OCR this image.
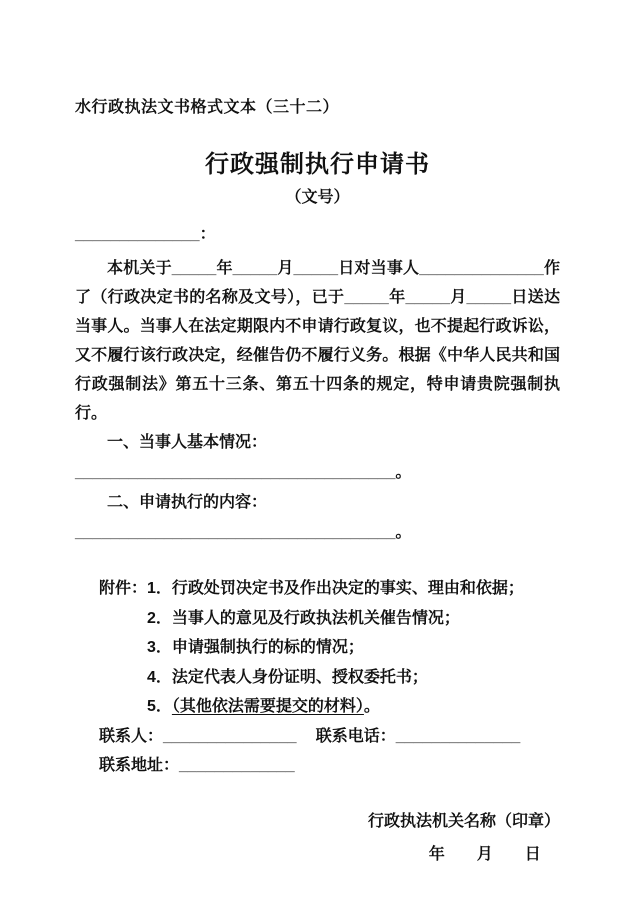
水行政执法文书格式文本（三十二）
行政强制执行申请书
（文号）
______________：

本机关于_____年_____月_____日对当事人______________作了（行政决定书的名称及文号），已于_____年_____月_____日送达当事人。当事人在法定期限内不申请行政复议，也不提起行政诉讼，又不履行该行政决定，经催告仍不履行义务。根据《中华人民共和国行政强制法》第五十三条、第五十四条的规定，特申请贵院强制执行。

一、当事人基本情况：____________________________________。

二、申请执行的内容：____________________________________。

附件：1．行政处罚决定书及作出决定的事实、理由和依据；
2．当事人的意见及行政执法机关催告情况；
3．申请强制执行的标的情况；
4．法定代表人身份证明、授权委托书；
5．（其他依法需要提交的材料）。
联系人：_______________ 联系电话：______________
联系地址：_____________
行政执法机关名称（印章）
年　　月　　日
